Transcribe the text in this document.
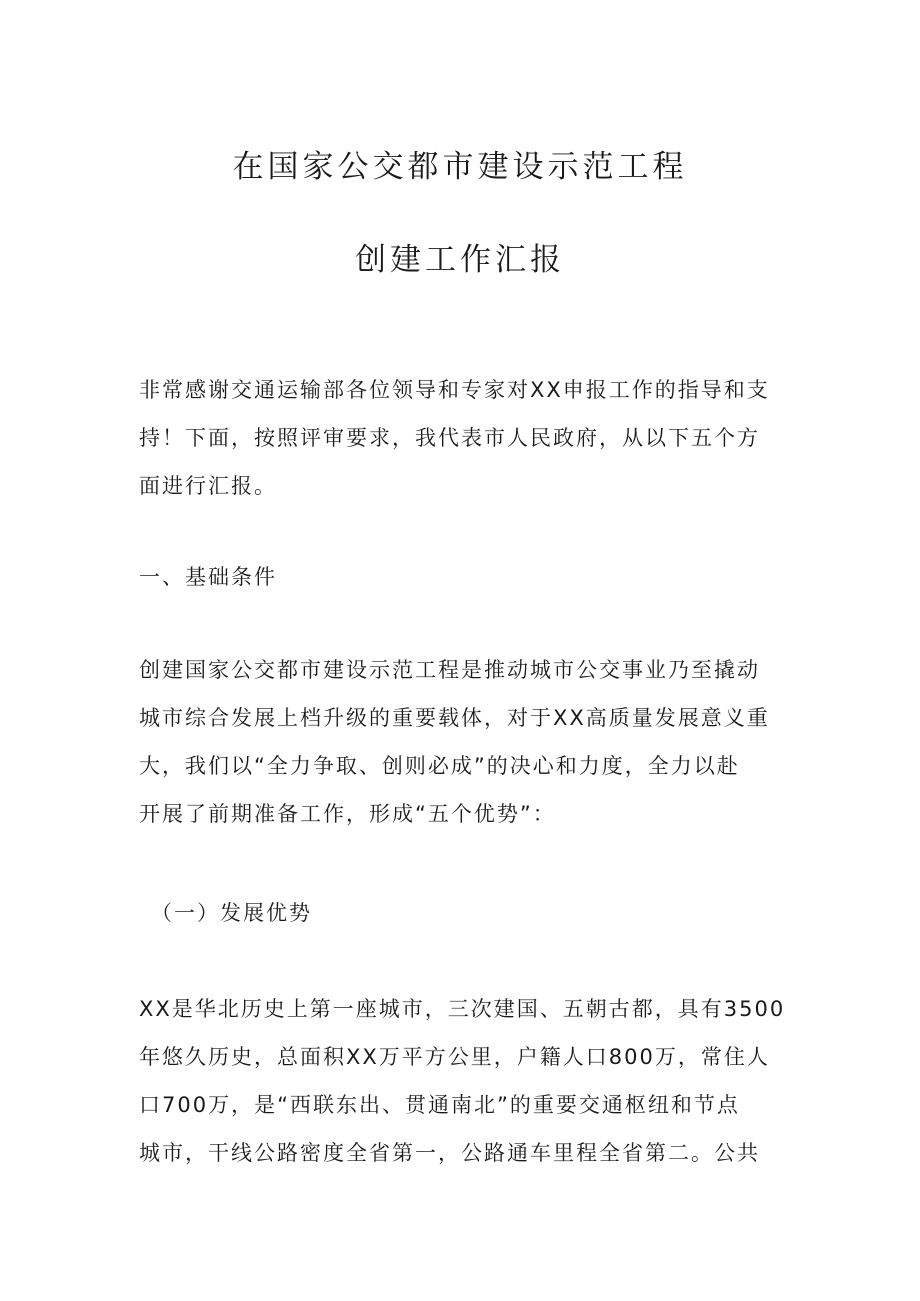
在国家公交都市建设示范工程
创建工作汇报
非常感谢交通运输部各位领导和专家对XX申报工作的指导和支
持！下面，按照评审要求，我代表市人民政府，从以下五个方
面进行汇报。
一、基础条件
创建国家公交都市建设示范工程是推动城市公交事业乃至撬动
城市综合发展上档升级的重要载体，对于XX高质量发展意义重
大，我们以“全力争取、创则必成”的决心和力度，全力以赴
开展了前期准备工作，形成“五个优势”：
（一）发展优势
XX是华北历史上第一座城市，三次建国、五朝古都，具有3500
年悠久历史，总面积XX万平方公里，户籍人口800万，常住人
口700万，是“西联东出、贯通南北”的重要交通枢纽和节点
城市，干线公路密度全省第一，公路通车里程全省第二。公共
